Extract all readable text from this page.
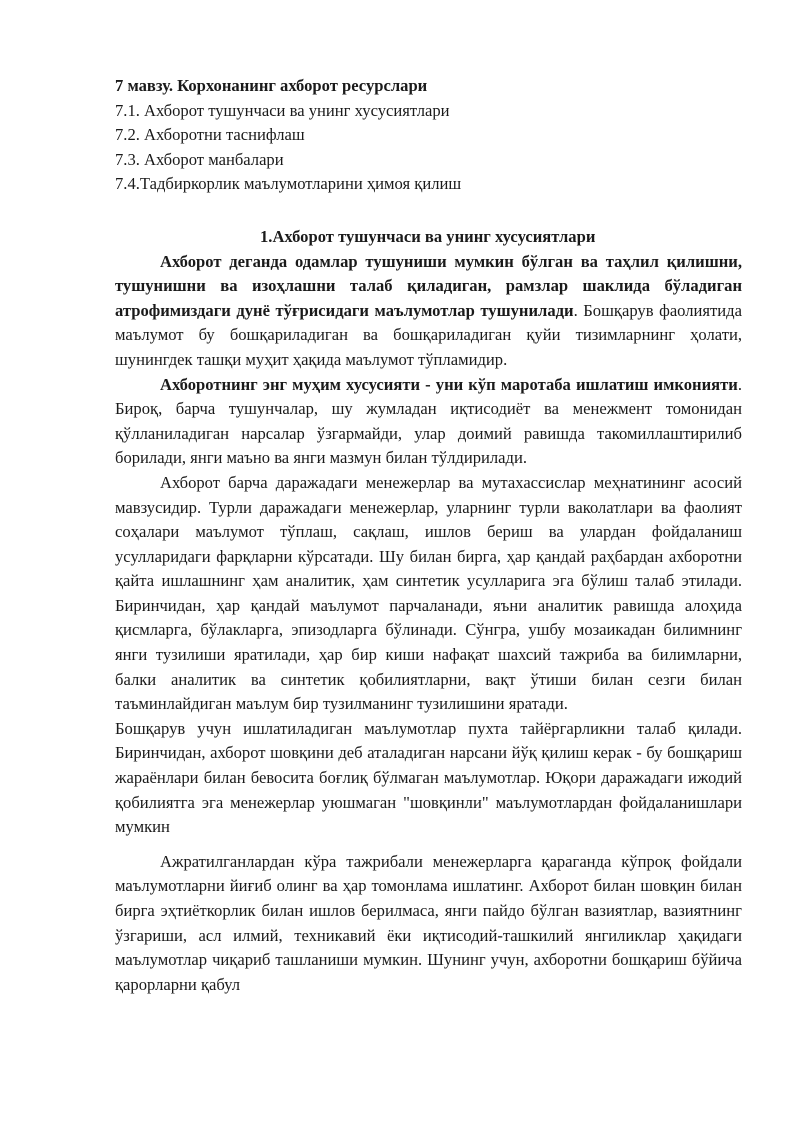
7 мавзу. Корхонанинг ахборот ресурслари

7.1. Ахборот тушунчаси ва унинг хусусиятлари

7.2. Ахборотни таснифлаш

7.3. Ахборот манбалари

7.4.Тадбиркорлик маълумотларини ҳимоя қилиш

1.Ахборот тушунчаси ва унинг хусусиятлари

Ахборот деганда одамлар тушуниши мумкин бўлган ва таҳлил қилишни, тушунишни ва изоҳлашни талаб қиладиган, рамзлар шаклида бўладиган атрофимиздаги дунё тўғрисидаги маълумотлар тушунилади. Бошқарув фаолиятида маълумот бу бошқариладиган ва бошқариладиган қуйи тизимларнинг ҳолати, шунингдек ташқи муҳит ҳақида маълумот тўпламидир.

Ахборотнинг энг муҳим хусусияти - уни кўп маротаба ишлатиш имконияти. Бироқ, барча тушунчалар, шу жумладан иқтисодиёт ва менежмент томонидан қўлланиладиган нарсалар ўзгармайди, улар доимий равишда такомиллаштирилиб борилади, янги маъно ва янги мазмун билан тўлдирилади.

Ахборот барча даражадаги менежерлар ва мутахассислар меҳнатининг асосий мавзусидир. Турли даражадаги менежерлар, уларнинг турли ваколатлари ва фаолият соҳалари маълумот тўплаш, сақлаш, ишлов бериш ва улардан фойдаланиш усулларидаги фарқларни кўрсатади. Шу билан бирга, ҳар қандай раҳбардан ахборотни қайта ишлашнинг ҳам аналитик, ҳам синтетик усулларига эга бўлиш талаб этилади. Биринчидан, ҳар қандай маълумот парчаланади, яъни аналитик равишда алоҳида қисмларга, бўлакларга, эпизодларга бўлинади. Сўнгра, ушбу мозаикадан билимнинг янги тузилиши яратилади, ҳар бир киши нафақат шахсий тажриба ва билимларни, балки аналитик ва синтетик қобилиятларни, вақт ўтиши билан сезги билан таъминлайдиган маълум бир тузилманинг тузилишини яратади.

Бошқарув учун ишлатиладиган маълумотлар пухта тайёргарликни талаб қилади. Биринчидан, ахборот шовқини деб аталадиган нарсани йўқ қилиш керак - бу бошқариш жараёнлари билан бевосита боғлиқ бўлмаган маълумотлар. Юқори даражадаги ижодий қобилиятга эга менежерлар уюшмаган "шовқинли" маълумотлардан фойдаланишлари мумкин

Ажратилганлардан кўра тажрибали менежерларга қараганда кўпроқ фойдали маълумотларни йиғиб олинг ва ҳар томонлама ишлатинг. Ахборот билан шовқин билан бирга эҳтиёткорлик билан ишлов берилмаса, янги пайдо бўлган вазиятлар, вазиятнинг ўзгариши, асл илмий, техникавий ёки иқтисодий-ташкилий янгиликлар ҳақидаги маълумотлар чиқариб ташланиши мумкин. Шунинг учун, ахборотни бошқариш бўйича қарорларни қабул
